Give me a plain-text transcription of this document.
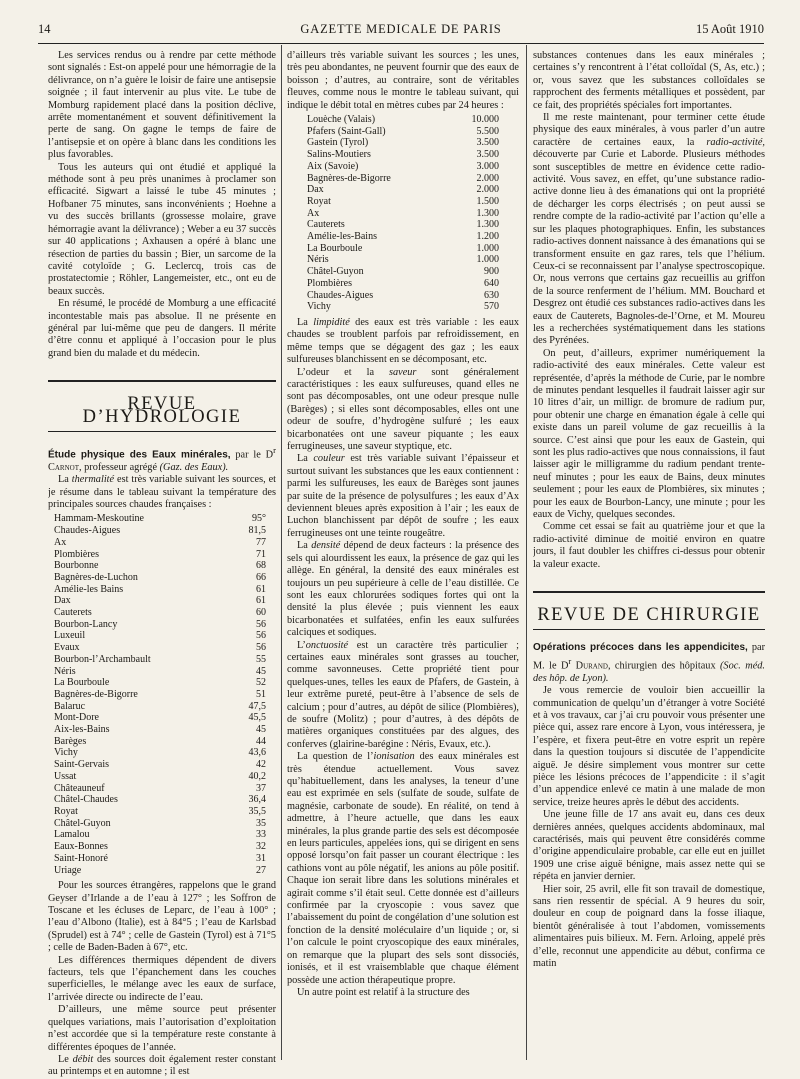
14	GAZETTE MEDICALE DE PARIS	15 Août 1910

Les services rendus ou à rendre par cette méthode sont signalés : Est-on appelé pour une hémorragie de la délivrance, on n’a guère le loisir de faire une antisepsie soignée ; il faut intervenir au plus vite. Le tube de Momburg rapidement placé dans la position déclive, arrête momentanément et souvent définitivement la perte de sang. On gagne le temps de faire de l’antisepsie et on opère à blanc dans les conditions les plus favorables.

Tous les auteurs qui ont étudié et appliqué la méthode sont à peu près unanimes à proclamer son efficacité. Sigwart a laissé le tube 45 minutes ; Hofbaner 75 minutes, sans inconvénients ; Hoehne a vu des succès brillants (grossesse molaire, grave hémorragie avant la délivrance) ; Weber a eu 37 succès sur 40 applications ; Axhausen a opéré à blanc une résection de parties du bassin ; Bier, un sarcome de la cavité cotyloïde ; G. Leclercq, trois cas de prostatectomie ; Röhler, Langemeister, etc., ont eu de beaux succès.

En résumé, le procédé de Momburg a une efficacité incontestable mais pas absolue. Il ne présente en général par lui-même que peu de dangers. Il mérite d’être connu et appliqué à l’occasion pour le plus grand bien du malade et du médecin.

REVUE D’HYDROLOGIE

Étude physique des Eaux minérales, par le $D^r$ Carnot, professeur agrégé (Gaz. des Eaux).

La thermalité est très variable suivant les sources, et je résume dans le tableau suivant la température des principales sources chaudes françaises :

Hammam-Meskoutine	95°
Chaudes-Aigues	81,5
Ax	77
Plombières	71
Bourbonne	68
Bagnères-de-Luchon	66
Amélie-les Bains	61
Dax	61
Cauterets	60
Bourbon-Lancy	56
Luxeuil	56
Evaux	56
Bourbon-l’Archambault	55
Néris	45
La Bourboule	52
Bagnères-de-Bigorre	51
Balaruc	47,5
Mont-Dore	45,5
Aix-les-Bains	45
Barèges	44
Vichy	43,6
Saint-Gervais	42
Ussat	40,2
Châteauneuf	37
Châtel-Chaudes	36,4
Royat	35,5
Châtel-Guyon	35
Lamalou	33
Eaux-Bonnes	32
Saint-Honoré	31
Uriage	27

Pour les sources étrangères, rappelons que le grand Geyser d’Irlande a de l’eau à 127° ; les Soffron de Toscane et les écluses de Leparc, de l’eau à 100° ; l’eau d’Albono (Italie), est à 84°5 ; l’eau de Karlsbad (Sprudel) est à 74° ; celle de Gastein (Tyrol) est à 71°5 ; celle de Baden-Baden à 67°, etc.

Les différences thermiques dépendent de divers facteurs, tels que l’épanchement dans les couches superficielles, le mélange avec les eaux de surface, l’arrivée directe ou indirecte de l’eau.

D’ailleurs, une même source peut présenter quelques variations, mais l’autorisation d’exploitation n’est accordée que si la température reste constante à différentes époques de l’année.

Le débit des sources doit également rester constant au printemps et en automne ; il est

d’ailleurs très variable suivant les sources ; les unes, très peu abondantes, ne peuvent fournir que des eaux de boisson ; d’autres, au contraire, sont de véritables fleuves, comme nous le montre le tableau suivant, qui indique le débit total en mètres cubes par 24 heures :

Louèche (Valais)	10.000
Pfafers (Saint-Gall)	5.500
Gastein (Tyrol)	3.500
Salins-Moutiers	3.500
Aix (Savoie)	3.000
Bagnères-de-Bigorre	2.000
Dax	2.000
Royat	1.500
Ax	1.300
Cauterets	1.300
Amélie-les-Bains	1.200
La Bourboule	1.000
Néris	1.000
Châtel-Guyon	900
Plombières	640
Chaudes-Aigues	630
Vichy	570

La limpidité des eaux est très variable : les eaux chaudes se troublent parfois par refroidissement, en même temps que se dégagent des gaz ; les eaux sulfureuses blanchissent en se décomposant, etc.

L’odeur et la saveur sont généralement caractéristiques : les eaux sulfureuses, quand elles ne sont pas décomposables, ont une odeur presque nulle (Barèges) ; si elles sont décomposables, elles ont une odeur de soufre, d’hydrogène sulfuré ; les eaux bicarbonatées ont une saveur piquante ; les eaux ferrugineuses, une saveur styptique, etc.

La couleur est très variable suivant l’épaisseur et surtout suivant les substances que les eaux contiennent : parmi les sulfureuses, les eaux de Barèges sont jaunes par suite de la présence de polysulfures ; les eaux d’Ax deviennent bleues après exposition à l’air ; les eaux de Luchon blanchissent par dépôt de soufre ; les eaux ferrugineuses ont une teinte rougeâtre.

La densité dépend de deux facteurs : la présence des sels qui alourdissent les eaux, la présence de gaz qui les allège. En général, la densité des eaux minérales est toujours un peu supérieure à celle de l’eau distillée. Ce sont les eaux chlorurées sodiques fortes qui ont la densité la plus élevée ; puis viennent les eaux bicarbonatées et sulfatées, enfin les eaux sulfurées calciques et sodiques.

L’onctuosité est un caractère très particulier ; certaines eaux minérales sont grasses au toucher, comme savonneuses. Cette propriété tient pour quelques-unes, telles les eaux de Pfafers, de Gastein, à leur extrême pureté, peut-être à l’absence de sels de calcium ; pour d’autres, au dépôt de silice (Plombières), de soufre (Molitz) ; pour d’autres, à des dépôts de matières organiques constituées par des algues, des conferves (glairine-barégine : Néris, Evaux, etc.).

La question de l’ionisation des eaux minérales est très étendue actuellement. Vous savez qu’habituellement, dans les analyses, la teneur d’une eau est exprimée en sels (sulfate de soude, sulfate de magnésie, carbonate de soude). En réalité, on tend à admettre, à l’heure actuelle, que dans les eaux minérales, la plus grande partie des sels est décomposée en leurs particules, appelées ions, qui se dirigent en sens opposé lorsqu’on fait passer un courant électrique : les cathions vont au pôle négatif, les anions au pôle positif. Chaque ion serait libre dans les solutions minérales et agirait comme s’il était seul. Cette donnée est d’ailleurs confirmée par la cryoscopie : vous savez que l’abaissement du point de congélation d’une solution est fonction de la densité moléculaire d’un liquide ; or, si l’on calcule le point cryoscopique des eaux minérales, on remarque que la plupart des sels sont dissociés, ionisés, et il est vraisemblable que chaque élément possède une action thérapeutique propre.

Un autre point est relatif à la structure des

substances contenues dans les eaux minérales ; certaines s’y rencontrent à l’état colloïdal (S, As, etc.) ; or, vous savez que les substances colloïdales se rapprochent des ferments métalliques et possèdent, par ce fait, des propriétés spéciales fort importantes.

Il me reste maintenant, pour terminer cette étude physique des eaux minérales, à vous parler d’un autre caractère de certaines eaux, la radio-activité, découverte par Curie et Laborde. Plusieurs méthodes sont susceptibles de mettre en évidence cette radio-activité. Vous savez, en effet, qu’une substance radio-active donne lieu à des émanations qui ont la propriété de décharger les corps électrisés ; on peut aussi se rendre compte de la radio-activité par l’action qu’elle a sur les plaques photographiques. Enfin, les substances radio-actives donnent naissance à des émanations qui se transforment ensuite en gaz rares, tels que l’hélium. Ceux-ci se reconnaissent par l’analyse spectroscopique. Or, nous verrons que certains gaz recueillis au griffon de la source renferment de l’hélium. MM. Bouchard et Desgrez ont étudié ces substances radio-actives dans les eaux de Cauterets, Bagnoles-de-l’Orne, et M. Moureu les a recherchées systématiquement dans les stations des Pyrénées.

On peut, d’ailleurs, exprimer numériquement la radio-activité des eaux minérales. Cette valeur est représentée, d’après la méthode de Curie, par le nombre de minutes pendant lesquelles il faudrait laisser agir sur 10 litres d’air, un milligr. de bromure de radium pur, pour obtenir une charge en émanation égale à celle qui existe dans un pareil volume de gaz recueillis à la source. C’est ainsi que pour les eaux de Gastein, qui sont les plus radio-actives que nous connaissions, il faut laisser agir le milligramme du radium pendant trente-neuf minutes ; pour les eaux de Bains, deux minutes seulement ; pour les eaux de Plombières, six minutes ; pour les eaux de Bourbon-Lancy, une minute ; pour les eaux de Vichy, quelques secondes.

Comme cet essai se fait au quatrième jour et que la radio-activité diminue de moitié environ en quatre jours, il faut doubler les chiffres ci-dessus pour obtenir la valeur exacte.

REVUE DE CHIRURGIE

Opérations précoces dans les appendicites, par M. le $D^r$ Durand, chirurgien des hôpitaux (Soc. méd. des hôp. de Lyon).

Je vous remercie de vouloir bien accueillir la communication de quelqu’un d’étranger à votre Société et à vos travaux, car j’ai cru pouvoir vous présenter une pièce qui, assez rare encore à Lyon, vous intéressera, je l’espère, et fixera peut-être en votre esprit un repère dans la question toujours si discutée de l’appendicite aiguë. Je désire simplement vous montrer sur cette pièce les lésions précoces de l’appendicite : il s’agit d’un appendice enlevé ce matin à une malade de mon service, treize heures après le début des accidents.

Une jeune fille de 17 ans avait eu, dans ces deux dernières années, quelques accidents abdominaux, mal caractérisés, mais qui peuvent être considérés comme d’origine appendiculaire probable, car elle eut en juillet 1909 une crise aiguë bénigne, mais assez nette qui se répéta en janvier dernier.

Hier soir, 25 avril, elle fit son travail de domestique, sans rien ressentir de spécial. A 9 heures du soir, douleur en coup de poignard dans la fosse iliaque, bientôt généralisée à tout l’abdomen, vomissements alimentaires puis bilieux. M. Fern. Arloing, appelé près d’elle, reconnut une appendicite au début, confirma ce matin
